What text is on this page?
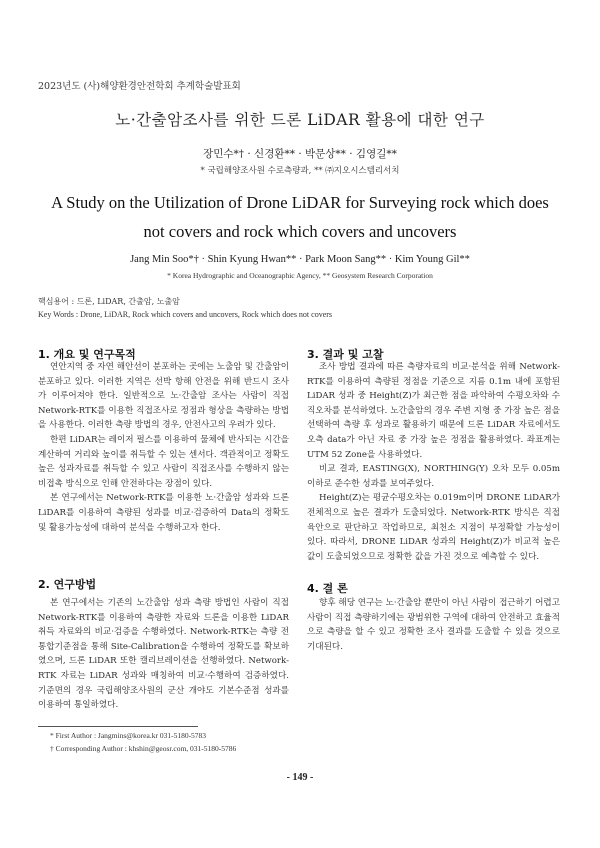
2023년도 (사)해양환경안전학회 추계학술발표회
노·간출암조사를 위한 드론 LiDAR 활용에 대한 연구
장민수*† · 신경환** · 박문상** · 김영길**
* 국립해양조사원 수로측량과, ** ㈜지오시스템리서치
A Study on the Utilization of Drone LiDAR for Surveying rock which does not covers and rock which covers and uncovers
Jang Min Soo*† · Shin Kyung Hwan** · Park Moon Sang** · Kim Young Gil**
* Korea Hydrographic and Oceanographic Agency, ** Geosystem Research Corporation
핵심용어 : 드론, LiDAR, 간출암, 노출암
Key Words : Drone, LiDAR, Rock which covers and uncovers, Rock which does not covers
1. 개요 및 연구목적

연안지역 중 자연 해안선이 분포하는 곳에는 노출암 및 간출암이 분포하고 있다. 이러한 지역은 선박 항해 안전을 위해 반드시 조사가 이루어져야 한다. 일반적으로 노·간출암 조사는 사람이 직접 Network-RTK를 이용한 직접조사로 정점과 형상을 측량하는 방법을 사용한다. 이러한 측량 방법의 경우, 안전사고의 우려가 있다.

한편 LiDAR는 레이저 펄스를 이용하여 물체에 반사되는 시간을 계산하여 거리와 높이를 취득할 수 있는 센서다. 객관적이고 정확도 높은 성과자료를 취득할 수 있고 사람이 직접조사를 수행하지 않는 비접촉 방식으로 인해 안전하다는 장점이 있다.

본 연구에서는 Network-RTK를 이용한 노·간출암 성과와 드론LiDAR를 이용하여 측량된 성과를 비교·검증하여 Data의 정확도 및 활용가능성에 대하여 분석을 수행하고자 한다.

2. 연구방법

본 연구에서는 기존의 노간출암 성과 측량 방법인 사람이 직접 Network-RTK를 이용하여 측량한 자료와 드론을 이용한 LiDAR 취득 자료와의 비교·검증을 수행하였다. Network-RTK는 측량 전 통합기준점을 통해 Site-Calibration을 수행하여 정확도를 확보하였으며, 드론 LiDAR 또한 캘리브레이션을 선행하였다. Network-RTK 자료는 LiDAR 성과와 매칭하여 비교·수행하여 검증하였다. 기준면의 경우 국립해양조사원의 군산 개야도 기본수준점 성과를 이용하여 통일하였다.

3. 결과 및 고찰

조사 방법 결과에 따른 측량자료의 비교·분석을 위해 Network-RTK를 이용하여 측량된 정점을 기준으로 지름 0.1m 내에 포함된 LiDAR 성과 중 Height(Z)가 최근한 점을 파악하여 수평오차와 수직오차를 분석하였다. 노간출암의 경우 주변 지형 중 가장 높은 점을 선택하여 측량 후 성과로 활용하기 때문에 드론 LiDAR 자료에서도 오측 data가 아닌 자료 중 가장 높은 정점을 활용하였다. 좌표계는 UTM 52 Zone을 사용하였다.

비교 결과, EASTING(X), NORTHING(Y) 오차 모두 0.05m 이하로 준수한 성과를 보여주었다.

Height(Z)는 평균수평오차는 0.019m이며 DRONE LiDAR가 전체적으로 높은 결과가 도출되었다. Network-RTK 방식은 직접 육안으로 판단하고 작업하므로, 최천소 지점이 부정확할 가능성이 있다. 따라서, DRONE LiDAR 성과의 Height(Z)가 비교적 높은 값이 도출되었으므로 정확한 값을 가진 것으로 예측할 수 있다.

4. 결 론

향후 해당 연구는 노·간출암 뿐만이 아닌 사람이 접근하기 어렵고 사람이 직접 측량하기에는 광범위한 구역에 대하여 안전하고 효율적으로 측량을 할 수 있고 정확한 조사 결과를 도출할 수 있을 것으로 기대된다.

* First Author : Jangmins@korea.kr 031-5180-5783
† Corresponding Author : khshin@geosr.com, 031-5180-5786
- 149 -
